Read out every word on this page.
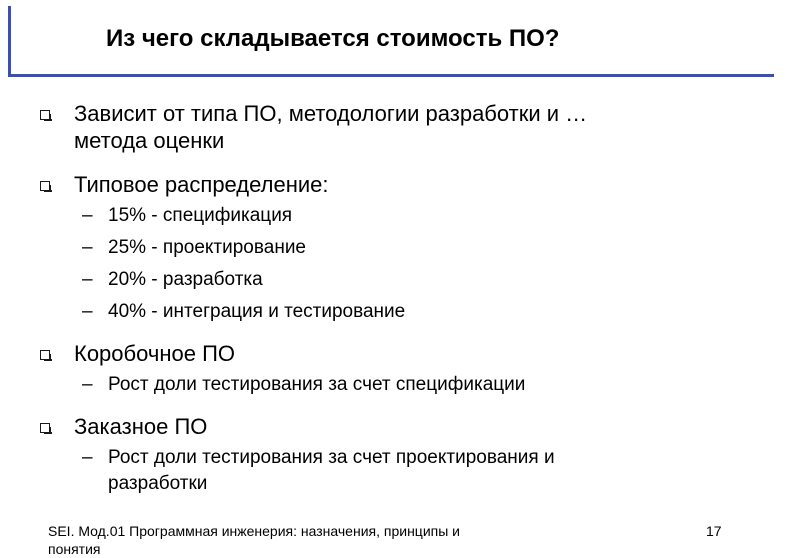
Из чего складывается стоимость ПО?
Зависит от типа ПО, методологии разработки и …
метода оценки
Типовое распределение:
– 15% - спецификация
– 25% - проектирование
– 20% - разработка
– 40% - интеграция и тестирование
Коробочное ПО
– Рост доли тестирования за счет спецификации
Заказное ПО
– Рост доли тестирования за счет проектирования и
разработки
SEI. Мод.01 Программная инженерия: назначения, принципы и
понятия
17
